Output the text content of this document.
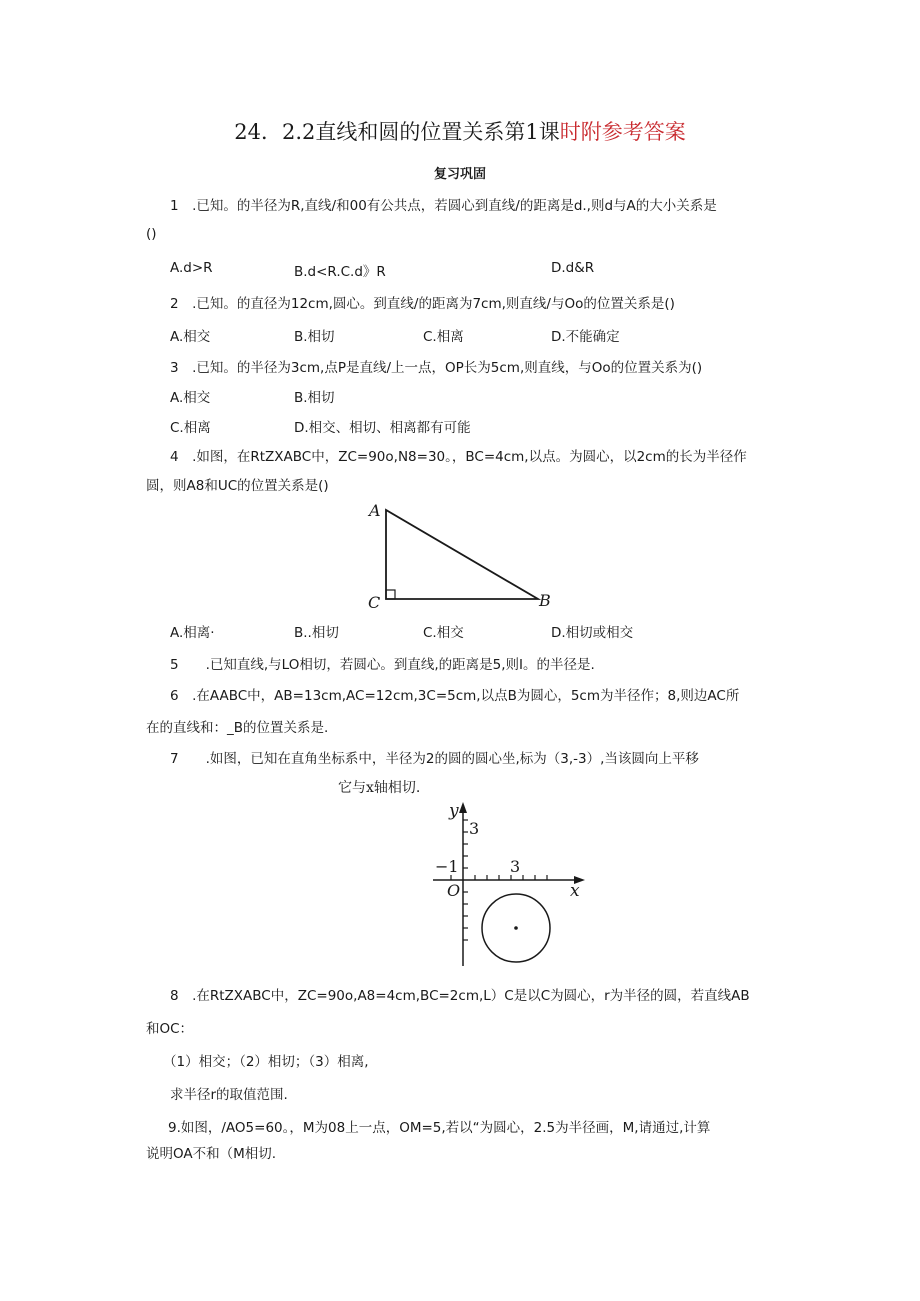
24．2.2直线和圆的位置关系第1课时附参考答案
复习巩固
1　.已知。的半径为R,直线/和00有公共点，若圆心到直线/的距离是d.,则d与A的大小关系是
()
A.d>R	B.d<R.C.d》R	D.d&R
2　.已知。的直径为12cm,圆心。到直线/的距离为7cm,则直线/与Oo的位置关系是()
A.相交	B.相切	C.相离	D.不能确定
3　.已知。的半径为3cm,点P是直线/上一点，OP长为5cm,则直线，与Oo的位置关系为()
A.相交	B.相切
C.相离	D.相交、相切、相离都有可能
4　.如图，在RtZXABC中，ZC=90o,N8=30。，BC=4cm,以点。为圆心，以2cm的长为半径作
圆，则A8和UC的位置关系是()
A
C	B
A.相离·	B..相切	C.相交	D.相切或相交
5　　.已知直线,与LO相切，若圆心。到直线,的距离是5,则I。的半径是.
6　.在AABC中，AB=13cm,AC=12cm,3C=5cm,以点B为圆心，5cm为半径作；8,则边AC所
在的直线和：_B的位置关系是.
7　　.如图，已知在直角坐标系中，半径为2的圆的圆心坐,标为（3,-3）,当该圆向上平移
它与x轴相切.
y
x
O
3
−1	3
8　.在RtZXABC中，ZC=90o,A8=4cm,BC=2cm,L）C是以C为圆心，r为半径的圆，若直线AB
和OC：
（1）相交；（2）相切；（3）相离,
求半径r的取值范围.
9.如图，/AO5=60。，M为08上一点，OM=5,若以“为圆心，2.5为半径画，M,请通过,计算
说明OA不和（M相切.
